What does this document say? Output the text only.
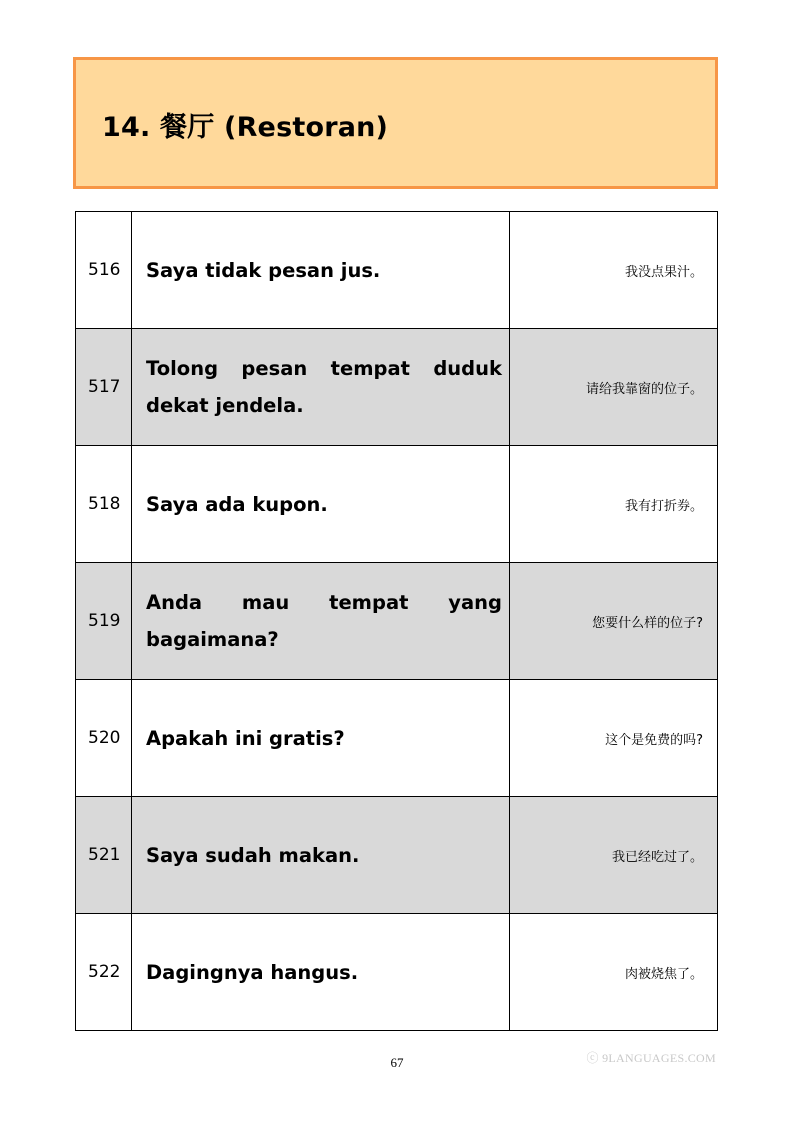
14. 餐厅 (Restoran)
516	Saya tidak pesan jus.	我没点果汁。
517	Tolong pesan tempat duduk dekat jendela.	请给我靠窗的位子。
518	Saya ada kupon.	我有打折券。
519	Anda mau tempat yang bagaimana?	您要什么样的位子?
520	Apakah ini gratis?	这个是免费的吗?
521	Saya sudah makan.	我已经吃过了。
522	Dagingnya hangus.	肉被烧焦了。
67	ⓒ 9LANGUAGES.COM
